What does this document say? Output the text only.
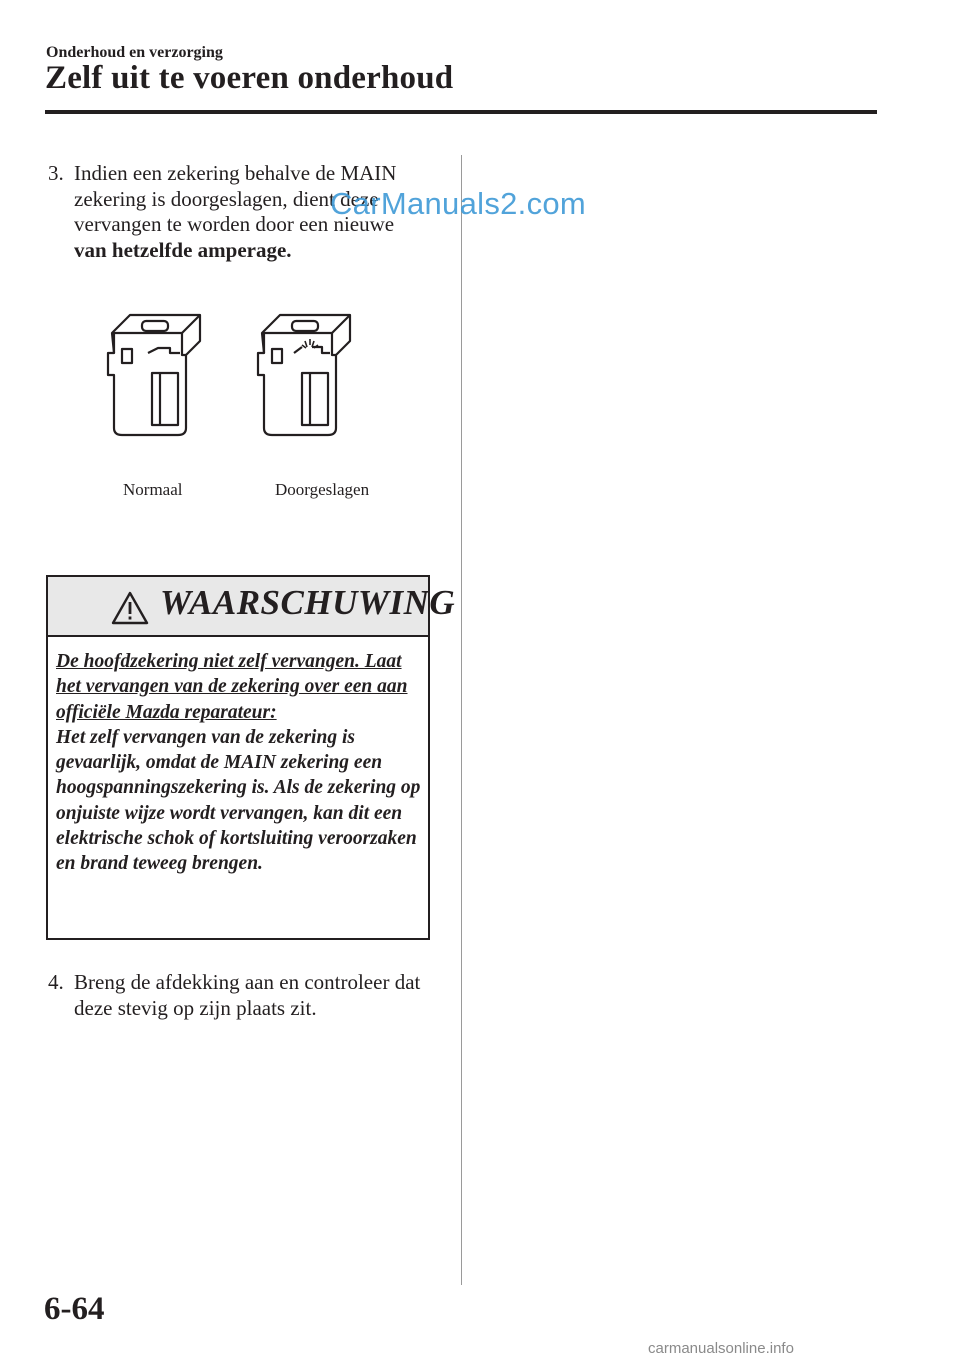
Onderhoud en verzorging
Zelf uit te voeren onderhoud
3. Indien een zekering behalve de MAIN zekering is doorgeslagen, dient deze vervangen te worden door een nieuwe
van hetzelfde amperage.
Normaal	Doorgeslagen
WAARSCHUWING
De hoofdzekering niet zelf vervangen. Laat het vervangen van de zekering over een aan officiële Mazda reparateur:
Het zelf vervangen van de zekering is gevaarlijk, omdat de MAIN zekering een hoogspanningszekering is. Als de zekering op onjuiste wijze wordt vervangen, kan dit een elektrische schok of kortsluiting veroorzaken en brand teweeg brengen.
4. Breng de afdekking aan en controleer dat deze stevig op zijn plaats zit.
CarManuals2.com
6-64
carmanualsonline.info
